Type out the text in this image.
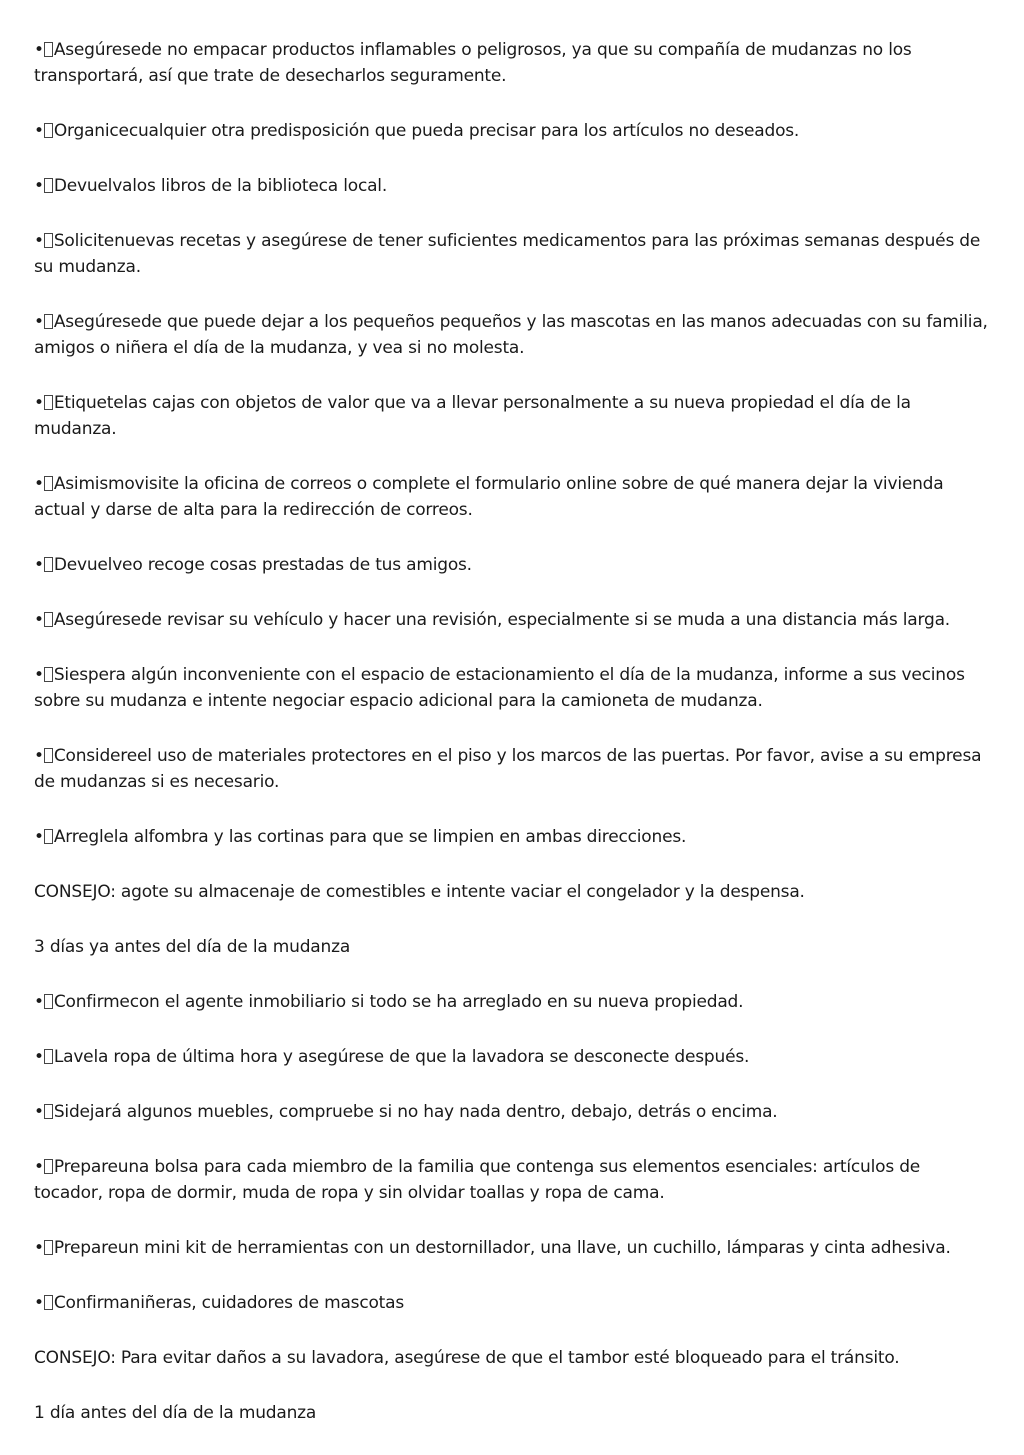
• Asegúresede no empacar productos inflamables o peligrosos, ya que su compañía de mudanzas no los transportará, así que trate de desecharlos seguramente.
• Organicecualquier otra predisposición que pueda precisar para los artículos no deseados.
• Devuelvalos libros de la biblioteca local.
• Solicitenuevas recetas y asegúrese de tener suficientes medicamentos para las próximas semanas después de su mudanza.
• Asegúresede que puede dejar a los pequeños pequeños y las mascotas en las manos adecuadas con su familia, amigos o niñera el día de la mudanza, y vea si no molesta.
• Etiquetelas cajas con objetos de valor que va a llevar personalmente a su nueva propiedad el día de la mudanza.
• Asimismovisite la oficina de correos o complete el formulario online sobre de qué manera dejar la vivienda actual y darse de alta para la redirección de correos.
• Devuelveo recoge cosas prestadas de tus amigos.
• Asegúresede revisar su vehículo y hacer una revisión, especialmente si se muda a una distancia más larga.
• Siespera algún inconveniente con el espacio de estacionamiento el día de la mudanza, informe a sus vecinos sobre su mudanza e intente negociar espacio adicional para la camioneta de mudanza.
• Considereel uso de materiales protectores en el piso y los marcos de las puertas. Por favor, avise a su empresa de mudanzas si es necesario.
• Arreglela alfombra y las cortinas para que se limpien en ambas direcciones.
CONSEJO: agote su almacenaje de comestibles e intente vaciar el congelador y la despensa.
3 días ya antes del día de la mudanza
• Confirmecon el agente inmobiliario si todo se ha arreglado en su nueva propiedad.
• Lavela ropa de última hora y asegúrese de que la lavadora se desconecte después.
• Sidejará algunos muebles, compruebe si no hay nada dentro, debajo, detrás o encima.
• Prepareuna bolsa para cada miembro de la familia que contenga sus elementos esenciales: artículos de tocador, ropa de dormir, muda de ropa y sin olvidar toallas y ropa de cama.
• Prepareun mini kit de herramientas con un destornillador, una llave, un cuchillo, lámparas y cinta adhesiva.
• Confirmaniñeras, cuidadores de mascotas
CONSEJO: Para evitar daños a su lavadora, asegúrese de que el tambor esté bloqueado para el tránsito.
1 día antes del día de la mudanza
